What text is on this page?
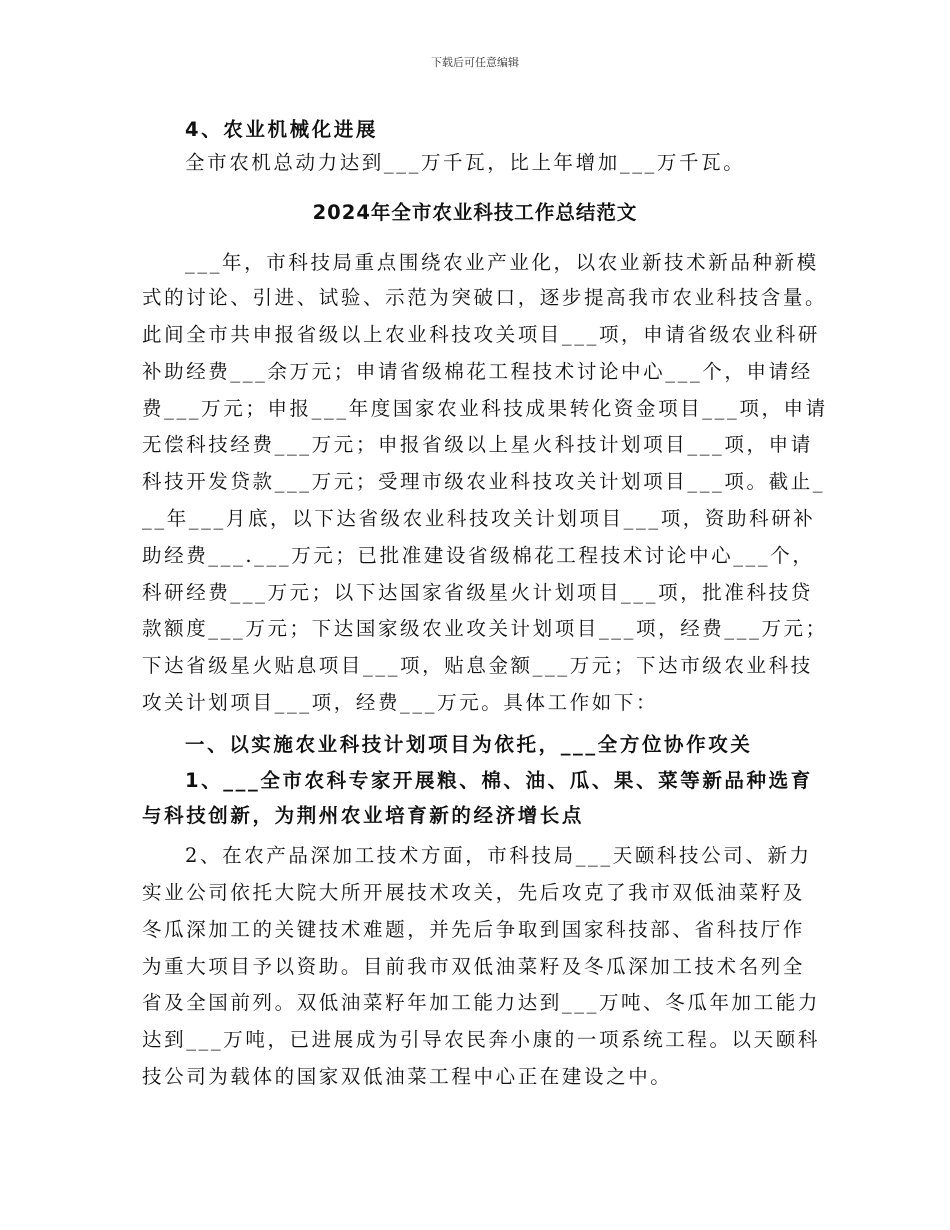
下载后可任意编辑
4、农业机械化进展
全市农机总动力达到___万千瓦，比上年增加___万千瓦。
2024年全市农业科技工作总结范文
___年，市科技局重点围绕农业产业化，以农业新技术新品种新模
式的讨论、引进、试验、示范为突破口，逐步提高我市农业科技含量。
此间全市共申报省级以上农业科技攻关项目___项，申请省级农业科研
补助经费___余万元；申请省级棉花工程技术讨论中心___个，申请经
费___万元；申报___年度国家农业科技成果转化资金项目___项，申请
无偿科技经费___万元；申报省级以上星火科技计划项目___项，申请
科技开发贷款___万元；受理市级农业科技攻关计划项目___项。截止_
__年___月底，以下达省级农业科技攻关计划项目___项，资助科研补
助经费___.___万元；已批准建设省级棉花工程技术讨论中心___个，
科研经费___万元；以下达国家省级星火计划项目___项，批准科技贷
款额度___万元；下达国家级农业攻关计划项目___项，经费___万元；
下达省级星火贴息项目___项，贴息金额___万元；下达市级农业科技
攻关计划项目___项，经费___万元。具体工作如下：
一、以实施农业科技计划项目为依托，___全方位协作攻关
1、___全市农科专家开展粮、棉、油、瓜、果、菜等新品种选育
与科技创新，为荆州农业培育新的经济增长点
2、在农产品深加工技术方面，市科技局___天颐科技公司、新力
实业公司依托大院大所开展技术攻关，先后攻克了我市双低油菜籽及
冬瓜深加工的关键技术难题，并先后争取到国家科技部、省科技厅作
为重大项目予以资助。目前我市双低油菜籽及冬瓜深加工技术名列全
省及全国前列。双低油菜籽年加工能力达到___万吨、冬瓜年加工能力
达到___万吨，已进展成为引导农民奔小康的一项系统工程。以天颐科
技公司为载体的国家双低油菜工程中心正在建设之中。
